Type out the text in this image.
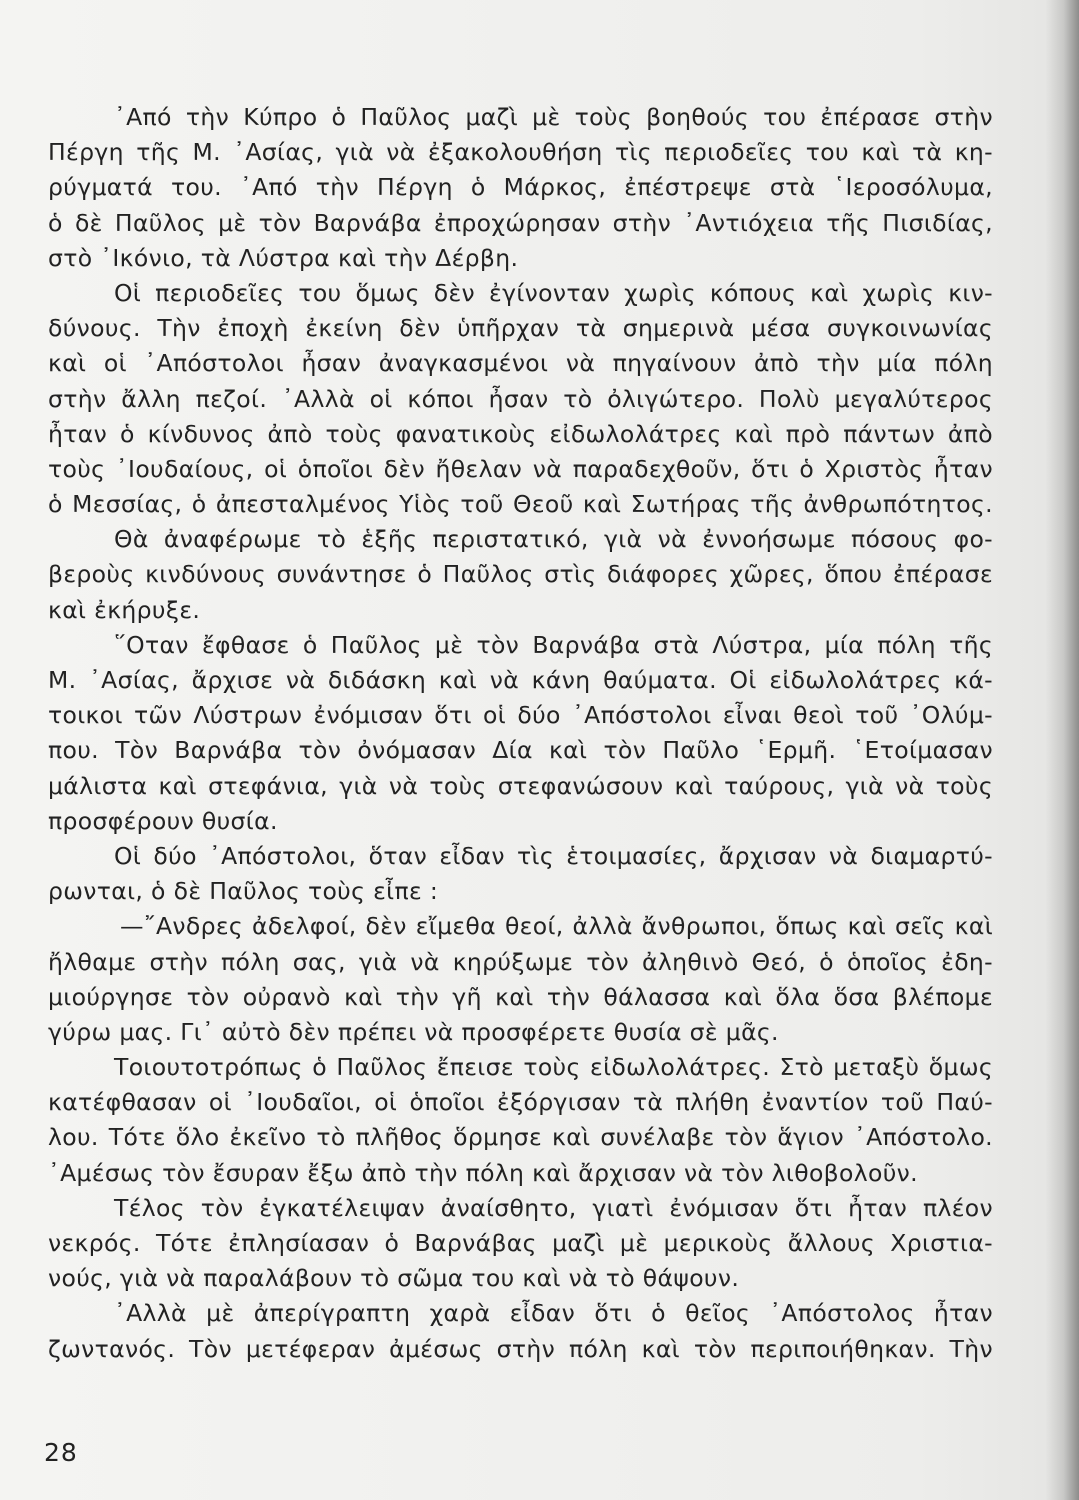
᾿Από τὴν Κύπρο ὁ Παῦλος μαζὶ μὲ τοὺς βοηθούς του ἐπέρασε στὴν
Πέργη τῆς Μ. ᾿Ασίας, γιὰ νὰ ἐξακολουθήση τὶς περιοδεῖες του καὶ τὰ κη-
ρύγματά του. ᾿Από τὴν Πέργη ὁ Μάρκος, ἐπέστρεψε στὰ ῾Ιεροσόλυμα,
ὁ δὲ Παῦλος μὲ τὸν Βαρνάβα ἐπροχώρησαν στὴν ᾿Αντιόχεια τῆς Πισιδίας,
στὸ ᾿Ικόνιο, τὰ Λύστρα καὶ τὴν Δέρβη.
Οἱ περιοδεῖες του ὅμως δὲν ἐγίνονταν χωρὶς κόπους καὶ χωρὶς κιν-
δύνους. Τὴν ἐποχὴ ἐκείνη δὲν ὑπῆρχαν τὰ σημερινὰ μέσα συγκοινωνίας
καὶ οἱ ᾿Απόστολοι ἦσαν ἀναγκασμένοι νὰ πηγαίνουν ἀπὸ τὴν μία πόλη
στὴν ἄλλη πεζοί. ᾿Αλλὰ οἱ κόποι ἦσαν τὸ ὀλιγώτερο. Πολὺ μεγαλύτερος
ἦταν ὁ κίνδυνος ἀπὸ τοὺς φανατικοὺς εἰδωλολάτρες καὶ πρὸ πάντων ἀπὸ
τοὺς ᾿Ιουδαίους, οἱ ὁποῖοι δὲν ἤθελαν νὰ παραδεχθοῦν, ὅτι ὁ Χριστὸς ἦταν
ὁ Μεσσίας, ὁ ἀπεσταλμένος Υἱὸς τοῦ Θεοῦ καὶ Σωτήρας τῆς ἀνθρωπότητος.
Θὰ ἀναφέρωμε τὸ ἑξῆς περιστατικό, γιὰ νὰ ἐννοήσωμε πόσους φο-
βεροὺς κινδύνους συνάντησε ὁ Παῦλος στὶς διάφορες χῶρες, ὅπου ἐπέρασε
καὶ ἐκήρυξε.
῞Οταν ἔφθασε ὁ Παῦλος μὲ τὸν Βαρνάβα στὰ Λύστρα, μία πόλη τῆς
Μ. ᾿Ασίας, ἄρχισε νὰ διδάσκη καὶ νὰ κάνη θαύματα. Οἱ εἰδωλολάτρες κά-
τοικοι τῶν Λύστρων ἐνόμισαν ὅτι οἱ δύο ᾿Απόστολοι εἶναι θεοὶ τοῦ ᾿Ολύμ-
που. Τὸν Βαρνάβα τὸν ὀνόμασαν Δία καὶ τὸν Παῦλο ῾Ερμῆ. ῾Ετοίμασαν
μάλιστα καὶ στεφάνια, γιὰ νὰ τοὺς στεφανώσουν καὶ ταύρους, γιὰ νὰ τοὺς
προσφέρουν θυσία.
Οἱ δύο ᾿Απόστολοι, ὅταν εἶδαν τὶς ἑτοιμασίες, ἄρχισαν νὰ διαμαρτύ-
ρωνται, ὁ δὲ Παῦλος τοὺς εἶπε :
—῎Ανδρες ἀδελφοί, δὲν εἴμεθα θεοί, ἀλλὰ ἄνθρωποι, ὅπως καὶ σεῖς καὶ
ἤλθαμε στὴν πόλη σας, γιὰ νὰ κηρύξωμε τὸν ἀληθινὸ Θεό, ὁ ὁποῖος ἐδη-
μιούργησε τὸν οὐρανὸ καὶ τὴν γῆ καὶ τὴν θάλασσα καὶ ὅλα ὅσα βλέπομε
γύρω μας. Γι᾿ αὐτὸ δὲν πρέπει νὰ προσφέρετε θυσία σὲ μᾶς.
Τοιουτοτρόπως ὁ Παῦλος ἔπεισε τοὺς εἰδωλολάτρες. Στὸ μεταξὺ ὅμως
κατέφθασαν οἱ ᾿Ιουδαῖοι, οἱ ὁποῖοι ἐξόργισαν τὰ πλήθη ἐναντίον τοῦ Παύ-
λου. Τότε ὅλο ἐκεῖνο τὸ πλῆθος ὅρμησε καὶ συνέλαβε τὸν ἅγιον ᾿Απόστολο.
᾿Αμέσως τὸν ἔσυραν ἔξω ἀπὸ τὴν πόλη καὶ ἄρχισαν νὰ τὸν λιθοβολοῦν.
Τέλος τὸν ἐγκατέλειψαν ἀναίσθητο, γιατὶ ἐνόμισαν ὅτι ἦταν πλέον
νεκρός. Τότε ἐπλησίασαν ὁ Βαρνάβας μαζὶ μὲ μερικοὺς ἄλλους Χριστια-
νούς, γιὰ νὰ παραλάβουν τὸ σῶμα του καὶ νὰ τὸ θάψουν.
᾿Αλλὰ μὲ ἀπερίγραπτη χαρὰ εἶδαν ὅτι ὁ θεῖος ᾿Απόστολος ἦταν
ζωντανός. Τὸν μετέφεραν ἀμέσως στὴν πόλη καὶ τὸν περιποιήθηκαν. Τὴν
28
